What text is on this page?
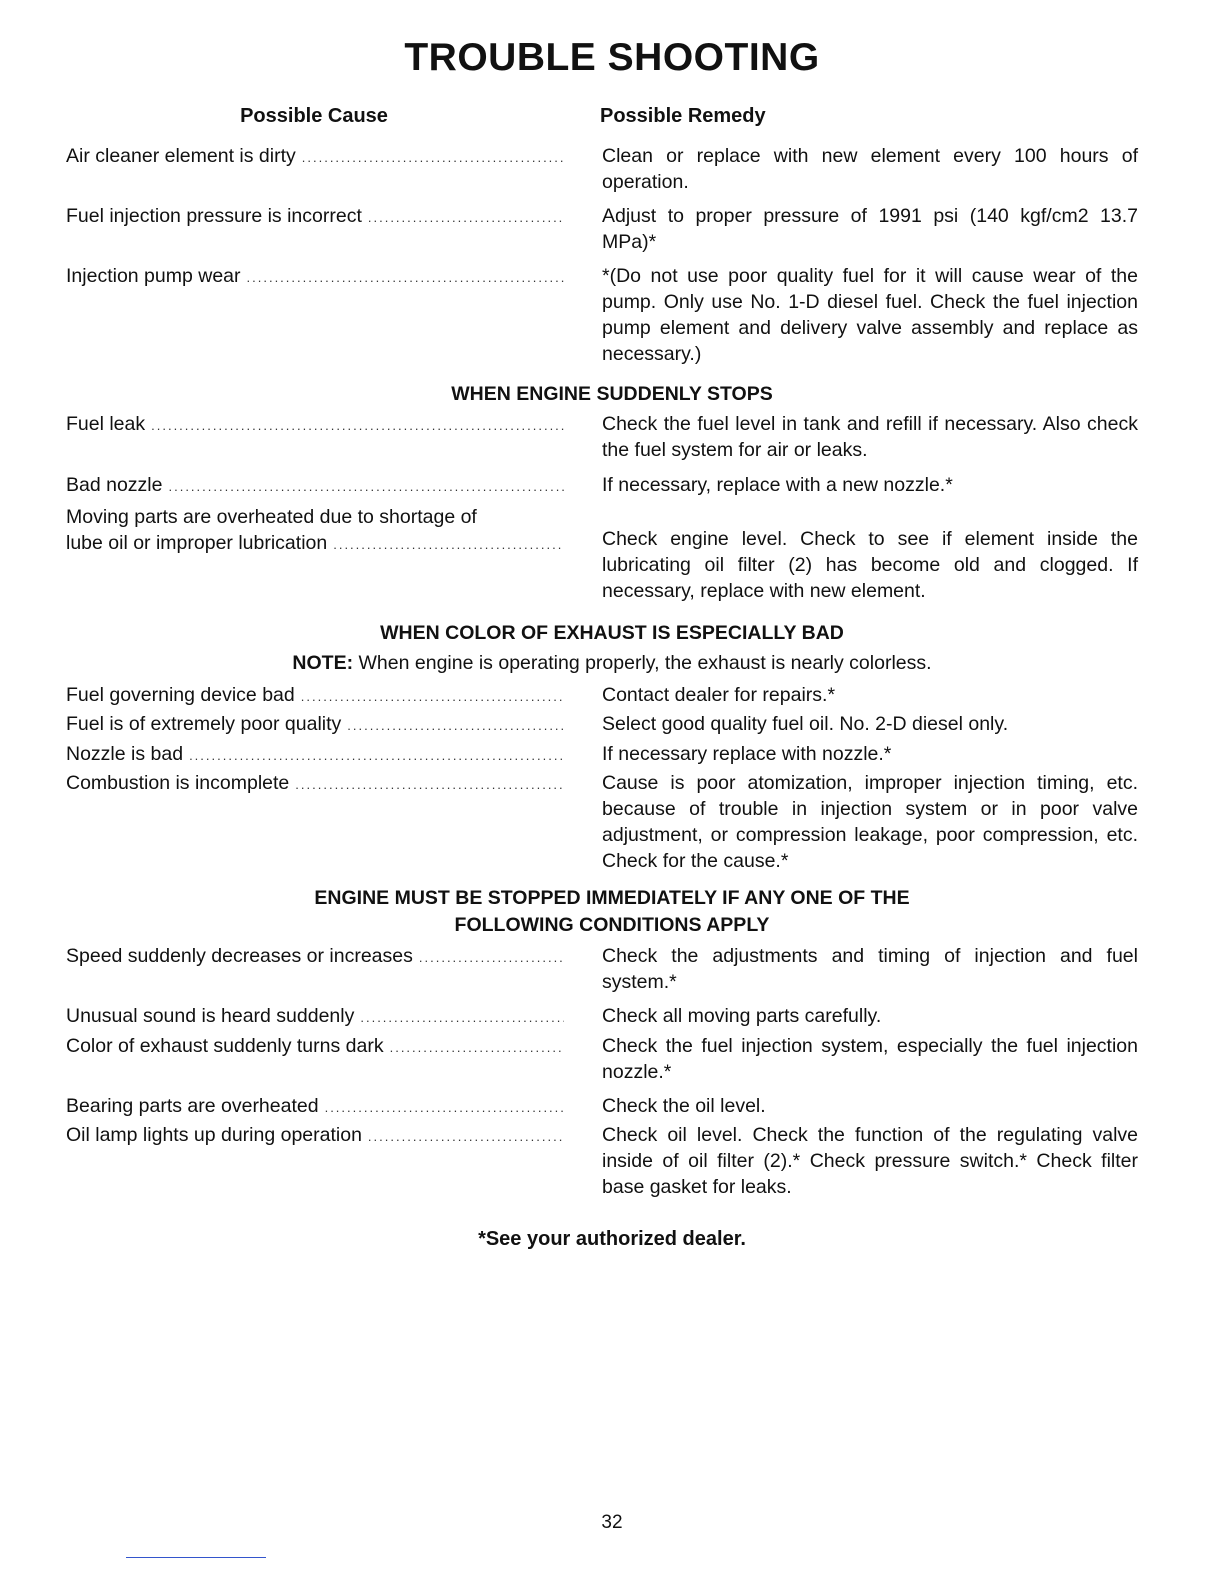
TROUBLE SHOOTING
Possible Cause	Possible Remedy
Air cleaner element is dirty .....	Clean or replace with new element every 100 hours of operation.
Fuel injection pressure is incorrect .....	Adjust to proper pressure of 1991 psi (140 kgf/cm2 13.7 MPa)*
Injection pump wear .....	*(Do not use poor quality fuel for it will cause wear of the pump. Only use No. 1-D diesel fuel. Check the fuel injection pump element and delivery valve assembly and replace as necessary.)
WHEN ENGINE SUDDENLY STOPS
Fuel leak .....	Check the fuel level in tank and refill if necessary. Also check the fuel system for air or leaks.
Bad nozzle .....	If necessary, replace with a new nozzle.*
Moving parts are overheated due to shortage of
lube oil or improper lubrication .....	Check engine level. Check to see if element inside the lubricating oil filter (2) has become old and clogged. If necessary, replace with new element.
WHEN COLOR OF EXHAUST IS ESPECIALLY BAD
NOTE: When engine is operating properly, the exhaust is nearly colorless.
Fuel governing device bad .....	Contact dealer for repairs.*
Fuel is of extremely poor quality .....	Select good quality fuel oil. No. 2-D diesel only.
Nozzle is bad .....	If necessary replace with nozzle.*
Combustion is incomplete .....	Cause is poor atomization, improper injection timing, etc. because of trouble in injection system or in poor valve adjustment, or compression leakage, poor compression, etc. Check for the cause.*
ENGINE MUST BE STOPPED IMMEDIATELY IF ANY ONE OF THE
FOLLOWING CONDITIONS APPLY
Speed suddenly decreases or increases .....	Check the adjustments and timing of injection and fuel system.*
Unusual sound is heard suddenly .....	Check all moving parts carefully.
Color of exhaust suddenly turns dark .....	Check the fuel injection system, especially the fuel injection nozzle.*
Bearing parts are overheated .....	Check the oil level.
Oil lamp lights up during operation .....	Check oil level. Check the function of the regulating valve inside of oil filter (2).* Check pressure switch.* Check filter base gasket for leaks.
*See your authorized dealer.
32
